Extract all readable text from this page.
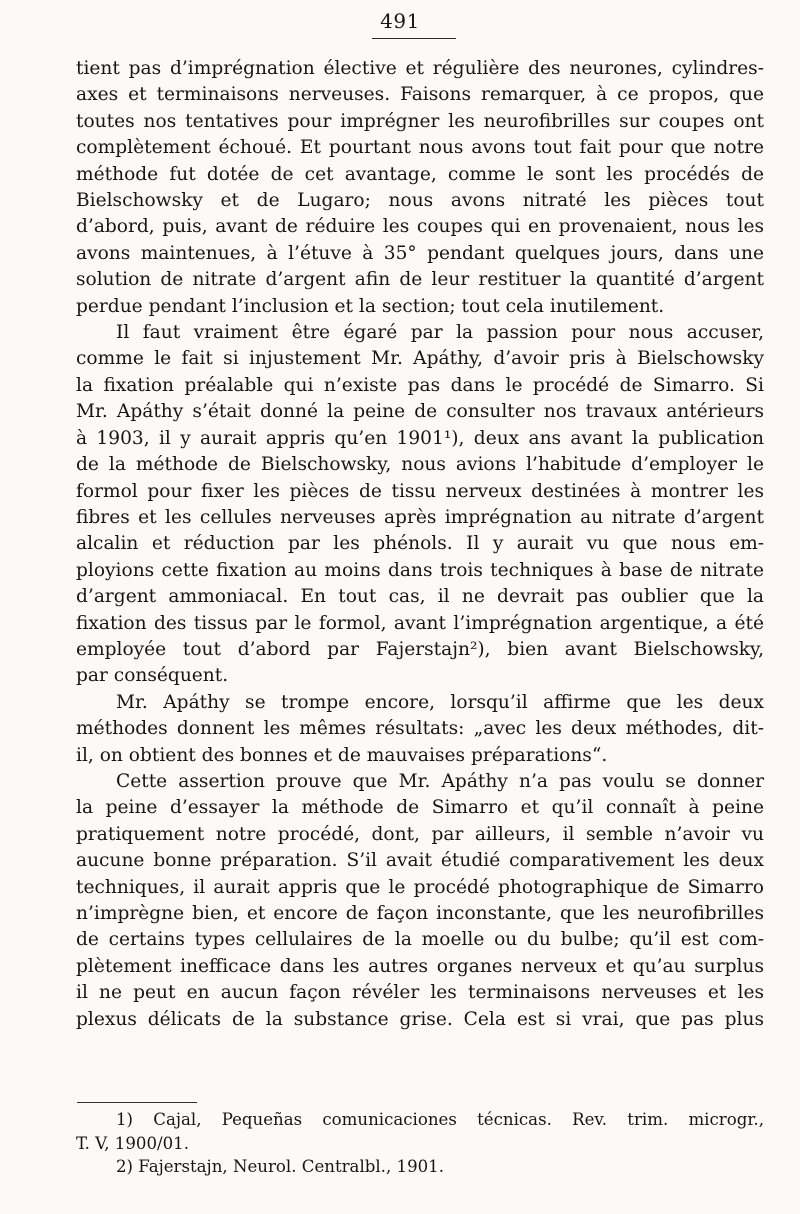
491
tient pas d’imprégnation élective et régulière des neurones, cylindres-
axes et terminaisons nerveuses. Faisons remarquer, à ce propos, que
toutes nos tentatives pour imprégner les neurofibrilles sur coupes ont
complètement échoué. Et pourtant nous avons tout fait pour que notre
méthode fut dotée de cet avantage, comme le sont les procédés de
Bielschowsky et de Lugaro; nous avons nitraté les pièces tout
d’abord, puis, avant de réduire les coupes qui en provenaient, nous les
avons maintenues, à l’étuve à 35° pendant quelques jours, dans une
solution de nitrate d’argent afin de leur restituer la quantité d’argent
perdue pendant l’inclusion et la section; tout cela inutilement.
Il faut vraiment être égaré par la passion pour nous accuser,
comme le fait si injustement Mr. Apáthy, d’avoir pris à Bielschowsky
la fixation préalable qui n’existe pas dans le procédé de Simarro. Si
Mr. Apáthy s’était donné la peine de consulter nos travaux antérieurs
à 1903, il y aurait appris qu’en 1901¹), deux ans avant la publication
de la méthode de Bielschowsky, nous avions l’habitude d’employer le
formol pour fixer les pièces de tissu nerveux destinées à montrer les
fibres et les cellules nerveuses après imprégnation au nitrate d’argent
alcalin et réduction par les phénols. Il y aurait vu que nous em-
ployions cette fixation au moins dans trois techniques à base de nitrate
d’argent ammoniacal. En tout cas, il ne devrait pas oublier que la
fixation des tissus par le formol, avant l’imprégnation argentique, a été
employée tout d’abord par Fajerstajn²), bien avant Bielschowsky,
par conséquent.
Mr. Apáthy se trompe encore, lorsqu’il affirme que les deux
méthodes donnent les mêmes résultats: „avec les deux méthodes, dit-
il, on obtient des bonnes et de mauvaises préparations“.
Cette assertion prouve que Mr. Apáthy n’a pas voulu se donner
la peine d’essayer la méthode de Simarro et qu’il connaît à peine
pratiquement notre procédé, dont, par ailleurs, il semble n’avoir vu
aucune bonne préparation. S’il avait étudié comparativement les deux
techniques, il aurait appris que le procédé photographique de Simarro
n’imprègne bien, et encore de façon inconstante, que les neurofibrilles
de certains types cellulaires de la moelle ou du bulbe; qu’il est com-
plètement inefficace dans les autres organes nerveux et qu’au surplus
il ne peut en aucun façon révéler les terminaisons nerveuses et les
plexus délicats de la substance grise. Cela est si vrai, que pas plus
1) Cajal, Pequeñas comunicaciones técnicas. Rev. trim. microgr.,
T. V, 1900/01.
2) Fajerstajn, Neurol. Centralbl., 1901.
